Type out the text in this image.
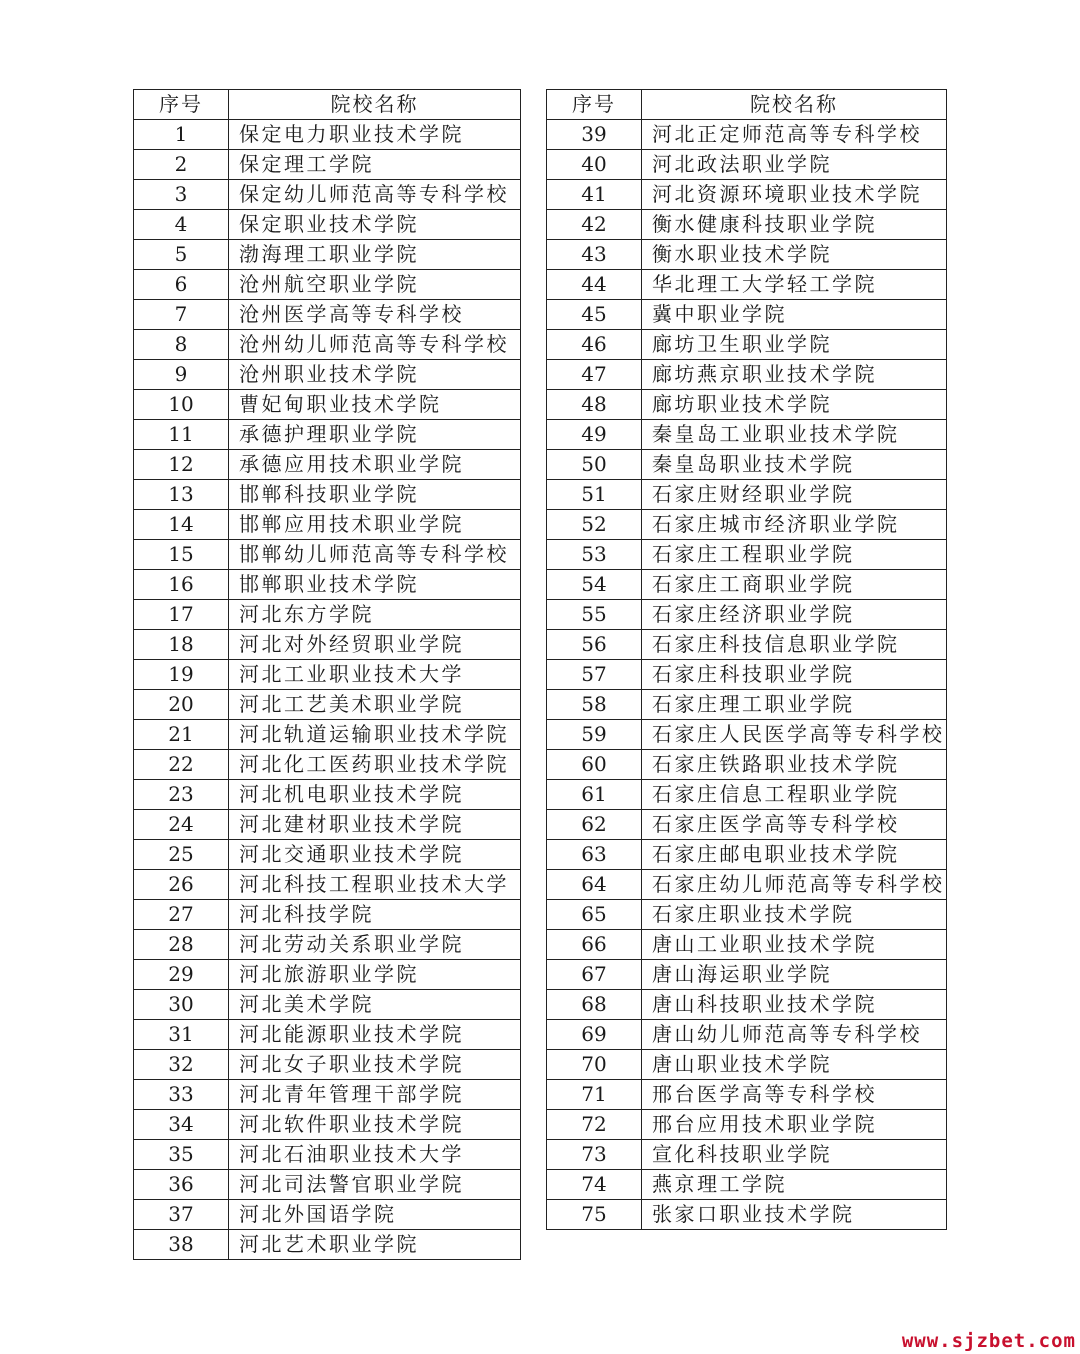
序号	院校名称
1	保定电力职业技术学院
2	保定理工学院
3	保定幼儿师范高等专科学校
4	保定职业技术学院
5	渤海理工职业学院
6	沧州航空职业学院
7	沧州医学高等专科学校
8	沧州幼儿师范高等专科学校
9	沧州职业技术学院
10	曹妃甸职业技术学院
11	承德护理职业学院
12	承德应用技术职业学院
13	邯郸科技职业学院
14	邯郸应用技术职业学院
15	邯郸幼儿师范高等专科学校
16	邯郸职业技术学院
17	河北东方学院
18	河北对外经贸职业学院
19	河北工业职业技术大学
20	河北工艺美术职业学院
21	河北轨道运输职业技术学院
22	河北化工医药职业技术学院
23	河北机电职业技术学院
24	河北建材职业技术学院
25	河北交通职业技术学院
26	河北科技工程职业技术大学
27	河北科技学院
28	河北劳动关系职业学院
29	河北旅游职业学院
30	河北美术学院
31	河北能源职业技术学院
32	河北女子职业技术学院
33	河北青年管理干部学院
34	河北软件职业技术学院
35	河北石油职业技术大学
36	河北司法警官职业学院
37	河北外国语学院
38	河北艺术职业学院
序号	院校名称
39	河北正定师范高等专科学校
40	河北政法职业学院
41	河北资源环境职业技术学院
42	衡水健康科技职业学院
43	衡水职业技术学院
44	华北理工大学轻工学院
45	冀中职业学院
46	廊坊卫生职业学院
47	廊坊燕京职业技术学院
48	廊坊职业技术学院
49	秦皇岛工业职业技术学院
50	秦皇岛职业技术学院
51	石家庄财经职业学院
52	石家庄城市经济职业学院
53	石家庄工程职业学院
54	石家庄工商职业学院
55	石家庄经济职业学院
56	石家庄科技信息职业学院
57	石家庄科技职业学院
58	石家庄理工职业学院
59	石家庄人民医学高等专科学校
60	石家庄铁路职业技术学院
61	石家庄信息工程职业学院
62	石家庄医学高等专科学校
63	石家庄邮电职业技术学院
64	石家庄幼儿师范高等专科学校
65	石家庄职业技术学院
66	唐山工业职业技术学院
67	唐山海运职业学院
68	唐山科技职业技术学院
69	唐山幼儿师范高等专科学校
70	唐山职业技术学院
71	邢台医学高等专科学校
72	邢台应用技术职业学院
73	宣化科技职业学院
74	燕京理工学院
75	张家口职业技术学院
www.sjzbet.com
